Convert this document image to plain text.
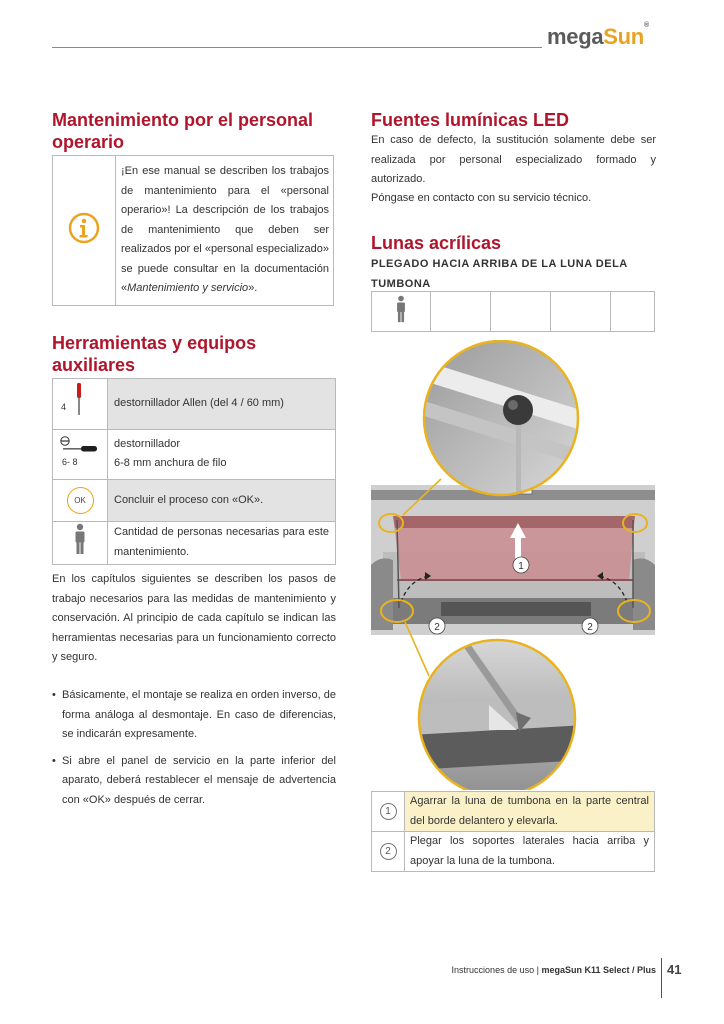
megaSun®
Mantenimiento por el personal operario
	¡En ese manual se describen los trabajos de mantenimiento para el «personal operario»! La descripción de los trabajos de mantenimiento que deben ser realizados por el «personal especializado» se puede consultar en la documentación «Mantenimiento y servicio».
Herramientas y equipos auxiliares
4	destornillador Allen (del 4 / 60 mm)

6- 8	destornillador
6-8 mm anchura de filo

OK	Concluir el proceso con «OK».
	Cantidad de personas necesarias para este mantenimiento.
En los capítulos siguientes se describen los pasos de trabajo necesarios para las medidas de mantenimiento y conservación. Al principio de cada capítulo se indican las herramientas necesarias para un funcionamiento correcto y seguro.
• Básicamente, el montaje se realiza en orden inverso, de forma análoga al desmontaje. En caso de diferencias, se indicarán expresamente.
• Si abre el panel de servicio en la parte inferior del aparato, deberá restablecer el mensaje de advertencia con «OK» después de cerrar.
Fuentes lumínicas LED
En caso de defecto, la sustitución solamente debe ser realizada por personal especializado formado y autorizado.
Póngase en contacto con su servicio técnico.
Lunas acrílicas
PLEGADO HACIA ARRIBA DE LA LUNA DELA TUMBONA

1
2	2
1	Agarrar la luna de tumbona en la parte central del borde delantero y elevarla.
2	Plegar los soportes laterales hacia arriba y apoyar la luna de la tumbona.
Instrucciones de uso | megaSun K11 Select / Plus 41
